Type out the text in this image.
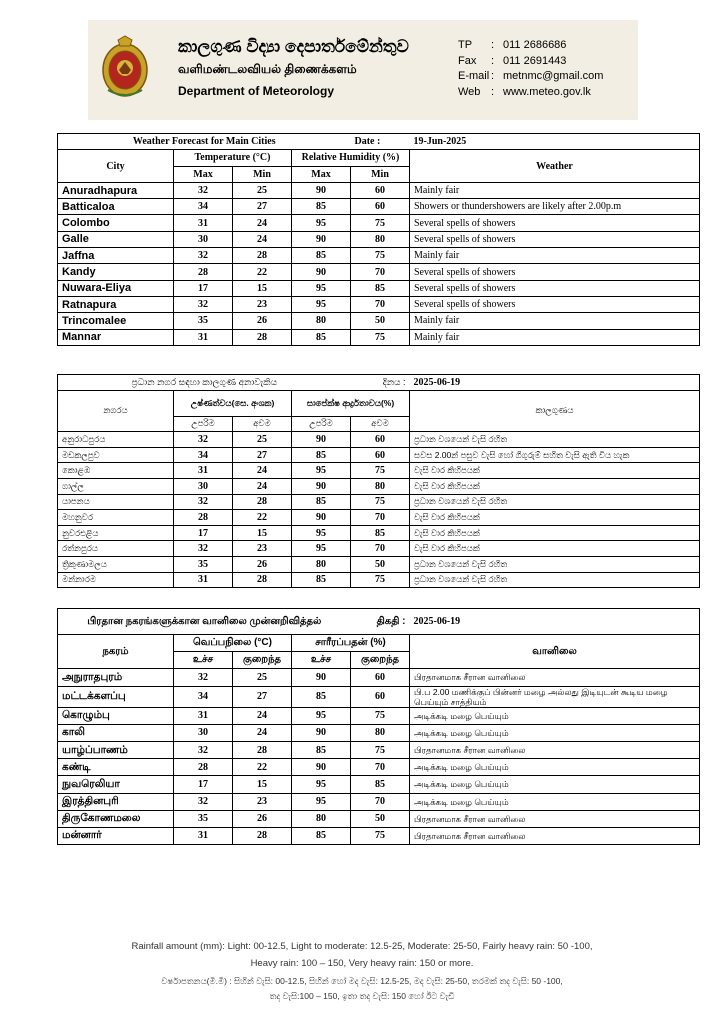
කාලගුණ විද්‍යා දෙපාර්තමේන්තුව
வளிமண்டலவியல் திணைக்களம்
Department of Meteorology
TP	: 011 2686686
Fax	: 011 2691443
E-mail : metnmc@gmail.com
Web : www.meteo.gov.lk
Weather Forecast for Main Cities				Date :	19-Jun-2025
City	Temperature (°C)		Relative Humidity (%)		Weather
	Max	Min	Max	Min	
Anuradhapura	32	25	90	60	Mainly fair
Batticaloa	34	27	85	60	Showers or thundershowers are likely after 2.00p.m
Colombo	31	24	95	75	Several spells of showers
Galle	30	24	90	80	Several spells of showers
Jaffna	32	28	85	75	Mainly fair
Kandy	28	22	90	70	Several spells of showers
Nuwara-Eliya	17	15	95	85	Several spells of showers
Ratnapura	32	23	95	70	Several spells of showers
Trincomalee	35	26	80	50	Mainly fair
Mannar	31	28	85	75	Mainly fair
ප්‍රධාන නගර සඳහා කාලගුණ අනාවැකිය				දිනය :	2025-06-19
නගරය	උෂ්ණත්වය(සෙ. අංශක)		සාපේක්ෂ ආර්ද්‍රතාවය(%)		කාලගුණය
	උපරිම	අවම	උපරිම	අවම	
අනුරාධපුරය	32	25	90	60	ප්‍රධාන වශයෙන් වැසි රහිත
මඩකලපුව	34	27	85	60	සවස 2.00න් පසුව වැසි හෝ ගිගුරුම් සහිත වැසි ඇති විය හැක
කොළඹ	31	24	95	75	වැසි වාර කිහිපයක්
ගාල්ල	30	24	90	80	වැසි වාර කිහිපයක්
යාපනය	32	28	85	75	ප්‍රධාන වශයෙන් වැසි රහිත
මහනුවර	28	22	90	70	වැසි වාර කිහිපයක්
නුවරඑළිය	17	15	95	85	වැසි වාර කිහිපයක්
රත්නපුරය	32	23	95	70	වැසි වාර කිහිපයක්
ත්‍රිකුණාමලය	35	26	80	50	ප්‍රධාන වශයෙන් වැසි රහිත
මන්නාරම	31	28	85	75	ප්‍රධාන වශයෙන් වැසි රහිත
பிரதான நகரங்களுக்கான வானிலை முன்னறிவித்தல்				திகதி :	2025-06-19
நகரம்	வெப்பநிலை (°C)		சாரீரப்பதன் (%)		வானிலை
	உச்ச	குறைந்த	உச்ச	குறைந்த	
அநுராதபுரம்	32	25	90	60	பிரதானமாக சீரான வானிலை
மட்டக்களப்பு	34	27	85	60	பி.ப 2.00 மணிக்குப் பின்னர் மழை அல்லது இடியுடன் கூடிய மழை பெய்யும் சாத்தியம்
கொழும்பு	31	24	95	75	அடிக்கடி மழை பெய்யும்
காலி	30	24	90	80	அடிக்கடி மழை பெய்யும்
யாழ்ப்பாணம்	32	28	85	75	பிரதானமாக சீரான வானிலை
கண்டி	28	22	90	70	அடிக்கடி மழை பெய்யும்
நுவரெலியா	17	15	95	85	அடிக்கடி மழை பெய்யும்
இரத்தினபுரி	32	23	95	70	அடிக்கடி மழை பெய்யும்
திருகோணமலை	35	26	80	50	பிரதானமாக சீரான வானிலை
மன்னார்	31	28	85	75	பிரதானமாக சீரான வானிலை
Rainfall amount (mm): Light: 00-12.5, Light to moderate: 12.5-25, Moderate: 25-50, Fairly heavy rain: 50 -100,
Heavy rain: 100 – 150, Very heavy rain: 150 or more.
වර්ෂාපතනය(මි.මී) : සිහින් වැසි: 00-12.5, සිහින් හෝ මද වැසි: 12.5-25, මද වැසි: 25-50, තරමක් තද වැසි: 50 -100,
තද වැසි:100 – 150, ඉතා තද වැසි: 150 හෝ ඊට වැඩි
